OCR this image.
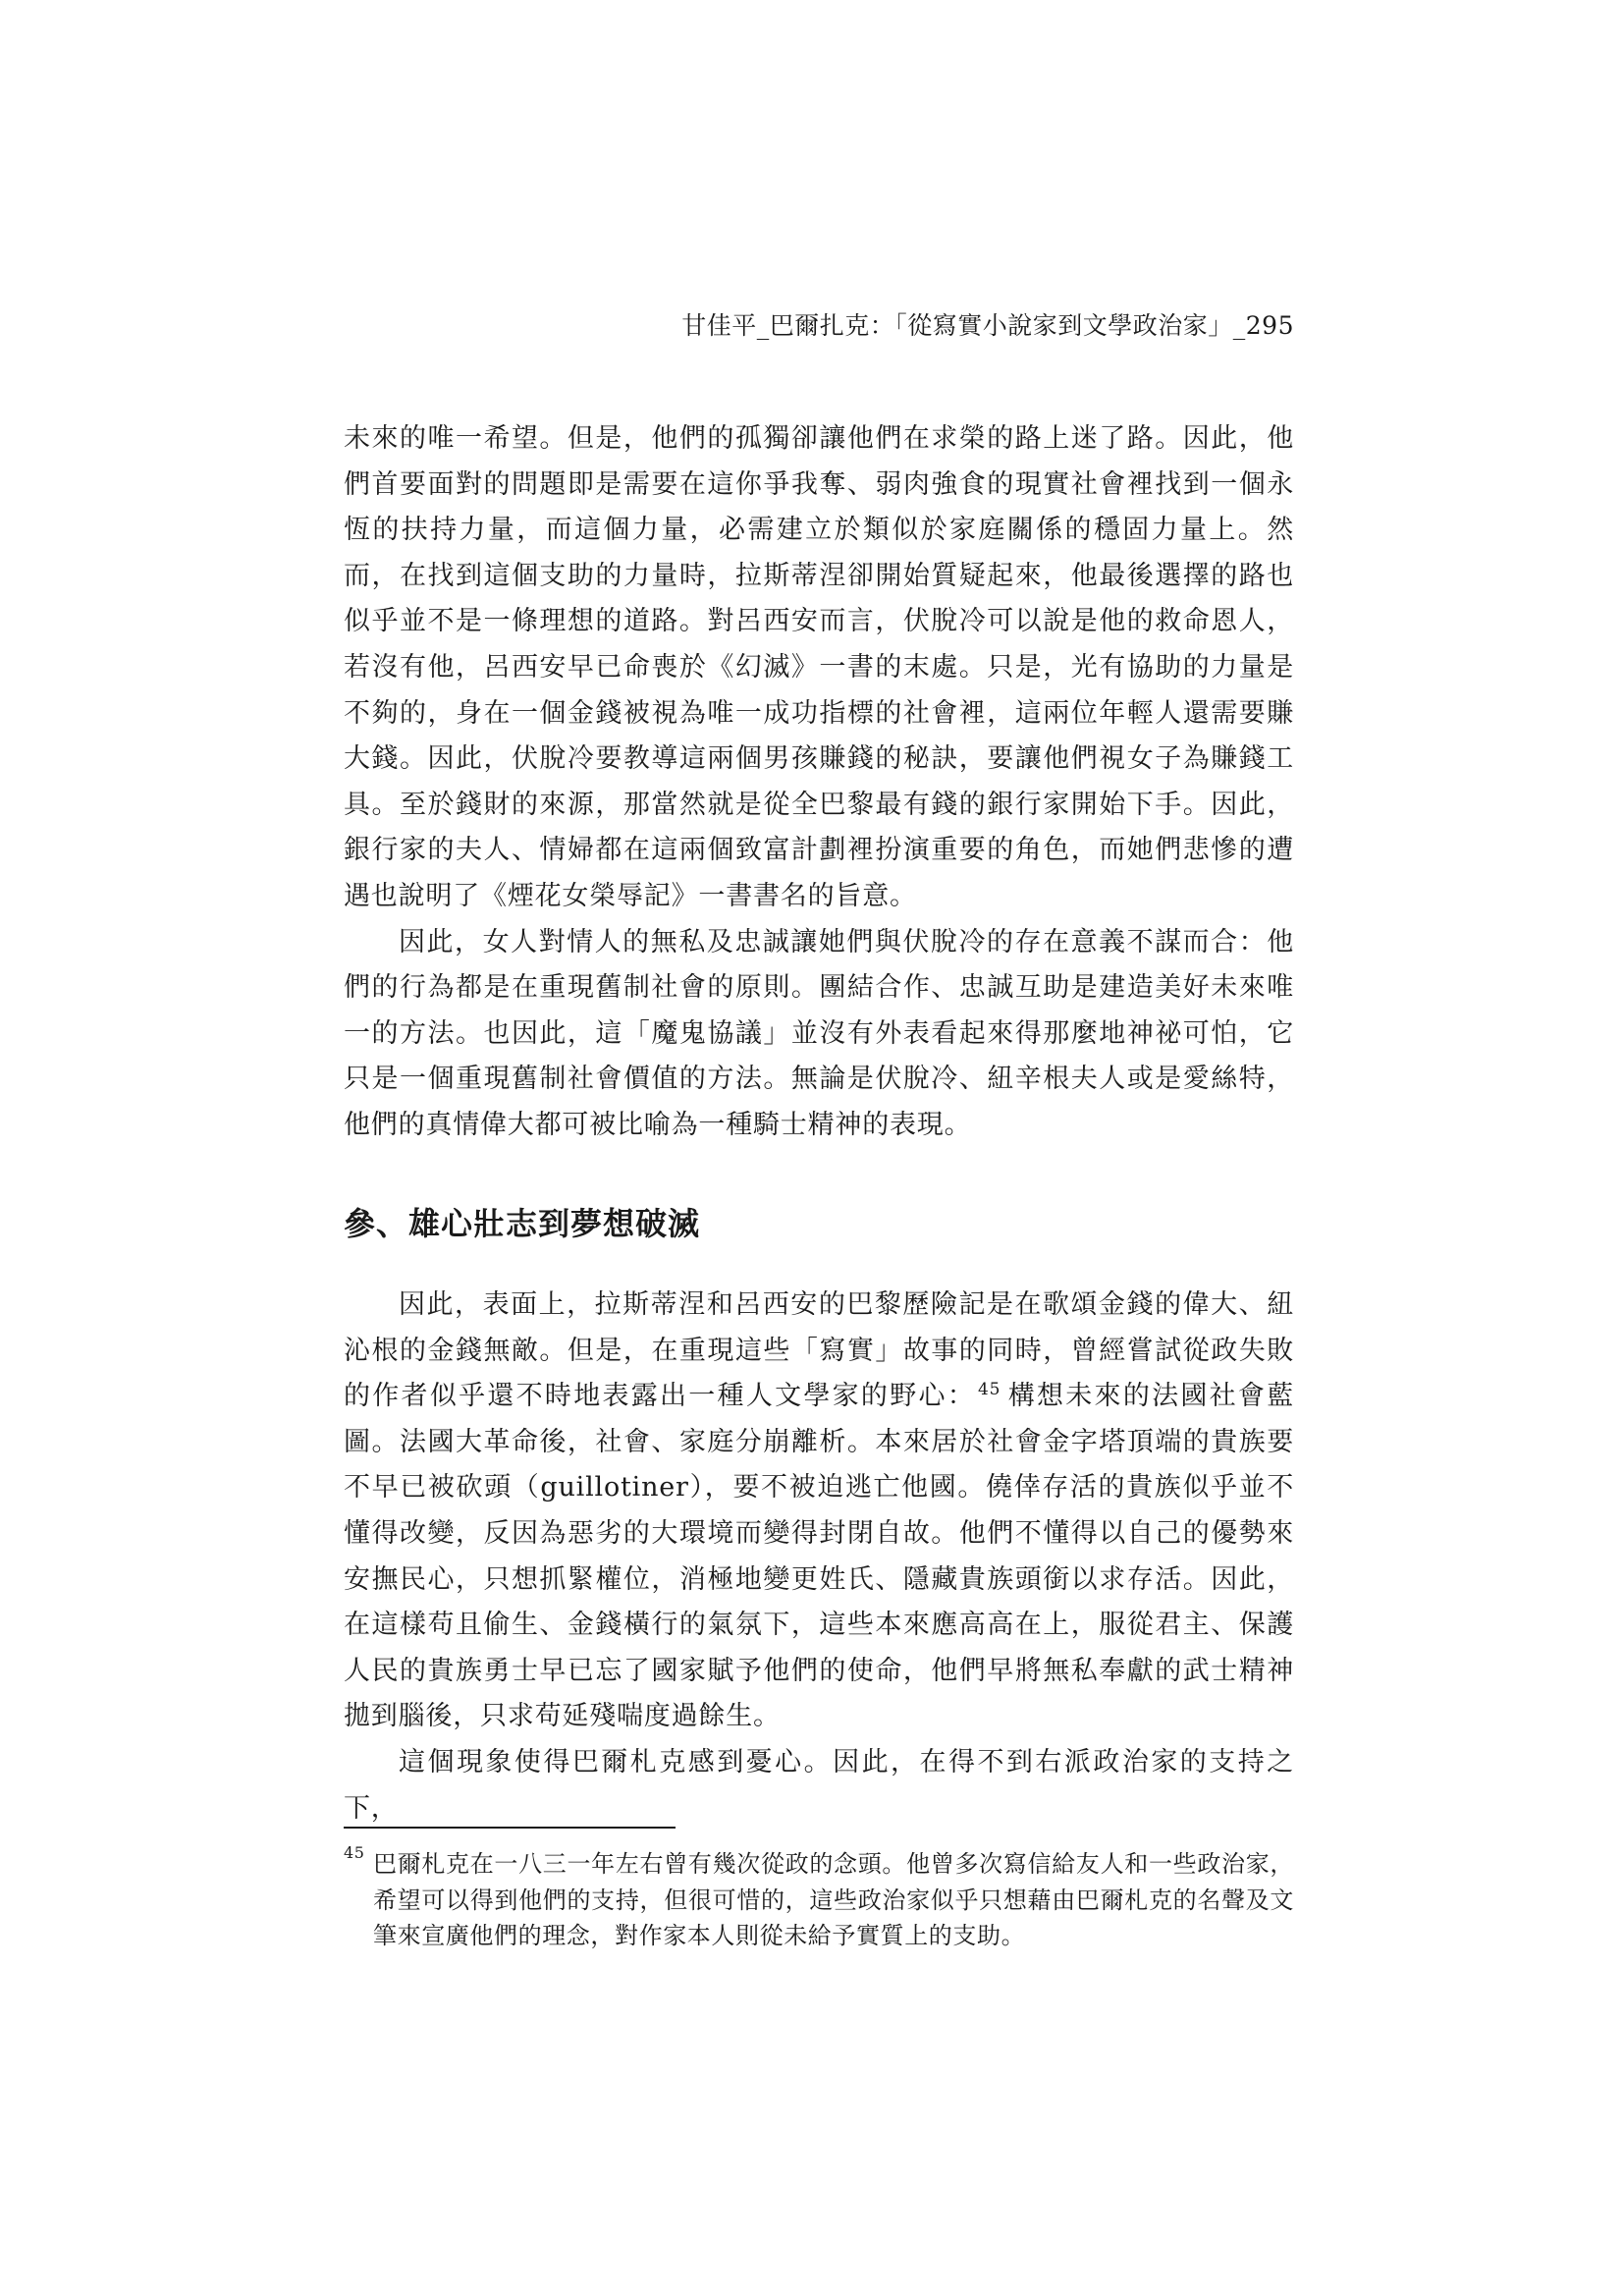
甘佳平_巴爾扎克：「從寫實小說家到文學政治家」_295

未來的唯一希望。但是，他們的孤獨卻讓他們在求榮的路上迷了路。因此，他們首要面對的問題即是需要在這你爭我奪、弱肉強食的現實社會裡找到一個永恆的扶持力量，而這個力量，必需建立於類似於家庭關係的穩固力量上。然而，在找到這個支助的力量時，拉斯蒂涅卻開始質疑起來，他最後選擇的路也似乎並不是一條理想的道路。對呂西安而言，伏脫冷可以說是他的救命恩人，若沒有他，呂西安早已命喪於《幻滅》一書的末處。只是，光有協助的力量是不夠的，身在一個金錢被視為唯一成功指標的社會裡，這兩位年輕人還需要賺大錢。因此，伏脫冷要教導這兩個男孩賺錢的秘訣，要讓他們視女子為賺錢工具。至於錢財的來源，那當然就是從全巴黎最有錢的銀行家開始下手。因此，銀行家的夫人、情婦都在這兩個致富計劃裡扮演重要的角色，而她們悲慘的遭遇也說明了《煙花女榮辱記》一書書名的旨意。

因此，女人對情人的無私及忠誠讓她們與伏脫冷的存在意義不謀而合：他們的行為都是在重現舊制社會的原則。團結合作、忠誠互助是建造美好未來唯一的方法。也因此，這「魔鬼協議」並沒有外表看起來得那麼地神祕可怕，它只是一個重現舊制社會價值的方法。無論是伏脫冷、紐辛根夫人或是愛絲特，他們的真情偉大都可被比喻為一種騎士精神的表現。

參、雄心壯志到夢想破滅

因此，表面上，拉斯蒂涅和呂西安的巴黎歷險記是在歌頌金錢的偉大、紐沁根的金錢無敵。但是，在重現這些「寫實」故事的同時，曾經嘗試從政失敗的作者似乎還不時地表露出一種人文學家的野心： $^{45}$ 構想未來的法國社會藍圖。法國大革命後，社會、家庭分崩離析。本來居於社會金字塔頂端的貴族要不早已被砍頭（guillotiner），要不被迫逃亡他國。僥倖存活的貴族似乎並不懂得改變，反因為惡劣的大環境而變得封閉自故。他們不懂得以自己的優勢來安撫民心，只想抓緊權位，消極地變更姓氏、隱藏貴族頭銜以求存活。因此，在這樣苟且偷生、金錢橫行的氣氛下，這些本來應高高在上，服從君主、保護人民的貴族勇士早已忘了國家賦予他們的使命，他們早將無私奉獻的武士精神拋到腦後，只求苟延殘喘度過餘生。

這個現象使得巴爾札克感到憂心。因此，在得不到右派政治家的支持之下，

45 巴爾札克在一八三一年左右曾有幾次從政的念頭。他曾多次寫信給友人和一些政治家，希望可以得到他們的支持，但很可惜的，這些政治家似乎只想藉由巴爾札克的名聲及文筆來宣廣他們的理念，對作家本人則從未給予實質上的支助。
